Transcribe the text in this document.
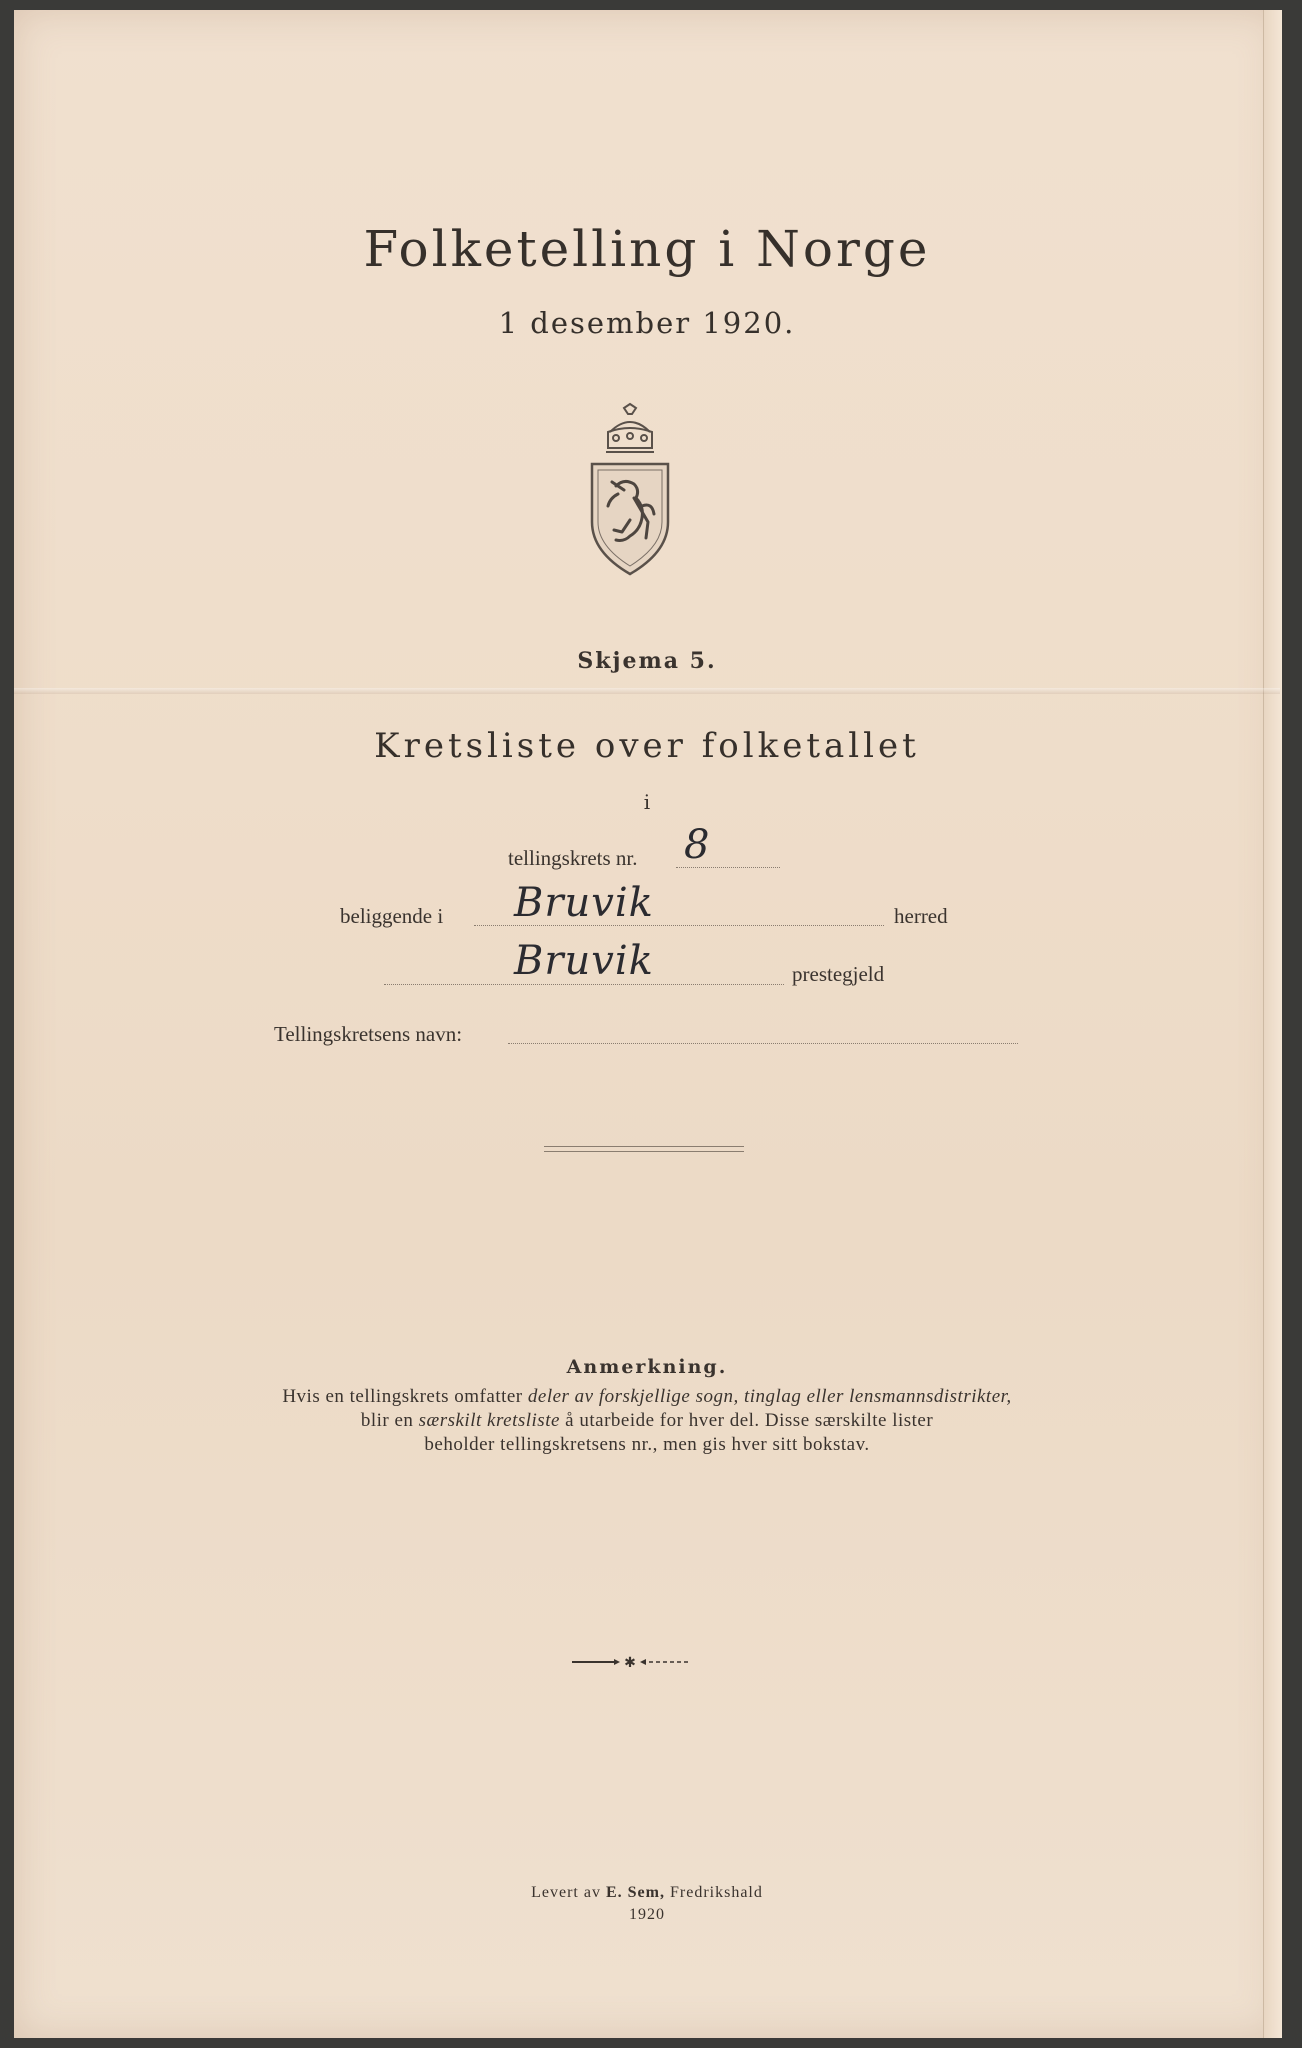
Folketelling i Norge
1 desember 1920.
Skjema 5.
Kretsliste over folketallet
i
tellingskrets nr. 8
beliggende i Bruvik	herred
Bruvik	prestegjeld
Tellingskretsens navn:
Anmerkning.
Hvis en tellingskrets omfatter deler av forskjellige sogn, tinglag eller lensmannsdistrikter,
blir en særskilt kretsliste å utarbeide for hver del. Disse særskilte lister
beholder tellingskretsens nr., men gis hver sitt bokstav.
✱
Levert av E. Sem, Fredrikshald
1920
